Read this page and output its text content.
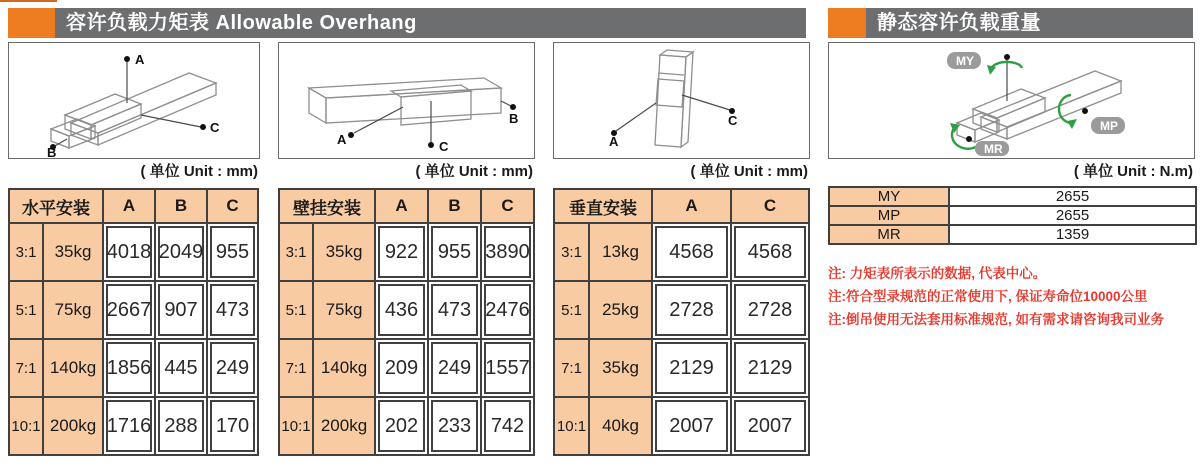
容许负载力矩表 Allowable Overhang	静态容许负载重量
A
B
C
( 单位 Unit : mm)
A
B
C
( 单位 Unit : mm)
A
C
( 单位 Unit : mm)
MY
MP
MR
( 单位 Unit : N.m)
水平安装		A	B	C
3:1	35kg	4018	2049	955

5:1	75kg	2667	907	473

7:1	140kg	1856	445	249

10:1	200kg	1716	288	170
壁挂安装		A	B	C
3:1	35kg	922	955	3890

5:1	75kg	436	473	2476

7:1	140kg	209	249	1557

10:1	200kg	202	233	742
垂直安装		A	C
3:1	13kg	4568	4568

5:1	25kg	2728	2728

7:1	35kg	2129	2129

10:1	40kg	2007	2007
MY	2655
MP	2655
MR	1359
注: 力矩表所表示的数据, 代表中心。
注:符合型录规范的正常使用下, 保证寿命位10000公里
注:倒吊使用无法套用标准规范, 如有需求请咨询我司业务
